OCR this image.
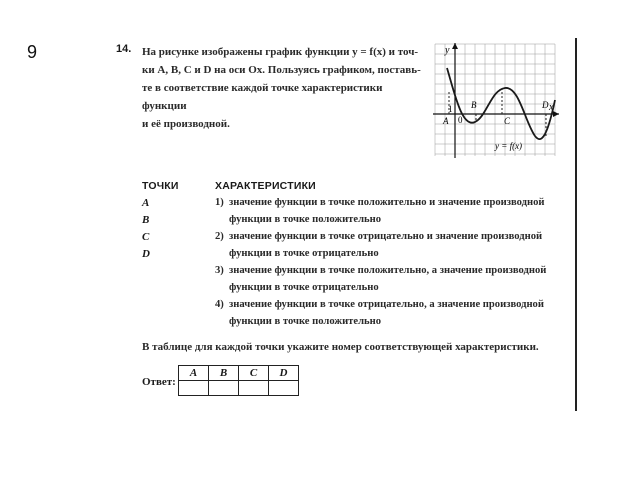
9	14. На рисунке изображены график функции y = f(x) и точ-
ки A, B, C и D на оси Ox. Пользуясь графиком, поставь-
те в соответствие каждой точке характеристики функции
и её производной.
y
x
1
0
A
B
C
D
y = f(x)
ТОЧКИ	ХАРАКТЕРИСТИКИ
A
B
C
D
1) значение функции в точке положительно и значение производной
функции в точке положительно
2) значение функции в точке отрицательно и значение производной
функции в точке отрицательно
3) значение функции в точке положительно, а значение производной
функции в точке отрицательно
4) значение функции в точке отрицательно, а значение производной
функции в точке положительно
В таблице для каждой точки укажите номер соответствующей характеристики.
Ответ:
A	B	C	D
